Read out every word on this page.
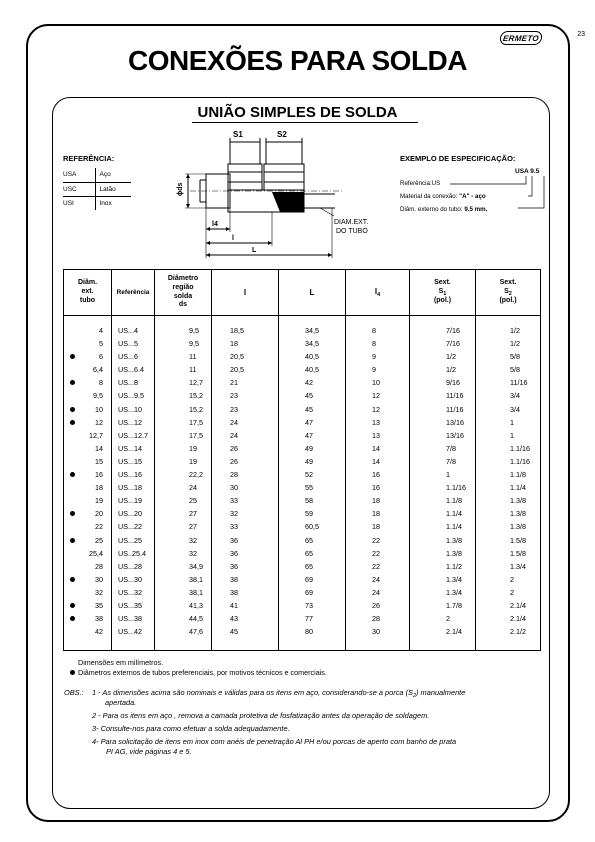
ERMETO	23
CONEXÕES PARA SOLDA
UNIÃO SIMPLES DE SOLDA
REFERÊNCIA:
USA	Aço
USC	Latão
USI	Inox
S1	S2
ϕds
l4
l
L
DIAM.EXT.
DO TUBO
EXEMPLO DE ESPECIFICAÇÃO:
USA 9.5
Referência:US
Material da conexão: "A" - aço
Diâm. externo do tubo: 9.5 mm.
Diâm.
ext.
tubo	Referência	Diâmetro
região
solda
ds	l	L	$l_4$	Sext.
$S_1$
(pol.)	Sext.
$S_2$
(pol.)
4	US...4	9,5	18,5	34,5	8	7/16	1/2
5	US...5	9,5	18	34,5	8	7/16	1/2

6	US...6	11	20,5	40,5	9	1/2	5/8
6,4	US...6.4	11	20,5	40,5	9	1/2	5/8

8	US...8	12,7	21	42	10	9/16	11/16
9,5	US...9.5	15,2	23	45	12	11/16	3/4

10	US...10	15,2	23	45	12	11/16	3/4

12	US...12	17,5	24	47	13	13/16	1
12,7	US...12.7	17,5	24	47	13	13/16	1
14	US...14	19	26	49	14	7/8	1.1/16
15	US...15	19	26	49	14	7/8	1.1/16

16	US...16	22,2	28	52	16	1	1.1/8
18	US...18	24	30	55	16	1.1/16	1.1/4
19	US...19	25	33	58	18	1.1/8	1.3/8

20	US...20	27	32	59	18	1.1/4	1.3/8
22	US...22	27	33	60,5	18	1.1/4	1.3/8

25	US...25	32	36	65	22	1.3/8	1.5/8
25,4	US..25.4	32	36	65	22	1.3/8	1.5/8
28	US...28	34,9	36	65	22	1.1/2	1.3/4

30	US...30	38,1	38	69	24	1.3/4	2
32	US...32	38,1	38	69	24	1.3/4	2

35	US...35	41,3	41	73	26	1.7/8	2.1/4

38	US...38	44,5	43	77	28	2	2.1/4
42	US...42	47,6	45	80	30	2.1/4	2.1/2
Dimensões em milímetros.
Diâmetros externos de tubos preferenciais, por motivos técnicos e comerciais.
OBS.: 1 - As dimensões acima são nominais e válidas para os itens em aço, considerando-se a porca $(S_2)$ manualmente
apertada.
2 - Para os itens em aço , remova a camada protetiva de fosfatização antes da operação de soldagem.
3- Consulte-nos para como efetuar a solda adequadamente.
4- Para solicitação de itens em inox com anéis de penetração Al PH e/ou porcas de aperto com banho de prata
PI AG, vide páginas 4 e 5.
